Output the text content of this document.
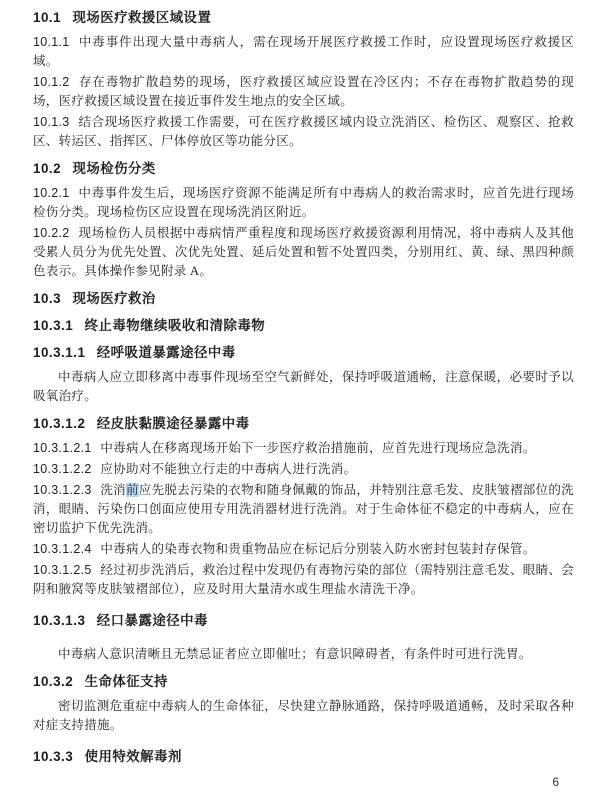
10.1 现场医疗救援区域设置

10.1.1 中毒事件出现大量中毒病人，需在现场开展医疗救援工作时，应设置现场医疗救援区域。

10.1.2 存在毒物扩散趋势的现场，医疗救援区域应设置在冷区内；不存在毒物扩散趋势的现场，医疗救援区域设置在接近事件发生地点的安全区域。

10.1.3 结合现场医疗救援工作需要，可在医疗救援区域内设立洗消区、检伤区、观察区、抢救区、转运区、指挥区、尸体停放区等功能分区。

10.2 现场检伤分类

10.2.1 中毒事件发生后，现场医疗资源不能满足所有中毒病人的救治需求时，应首先进行现场检伤分类。现场检伤区应设置在现场洗消区附近。

10.2.2 现场检伤人员根据中毒病情严重程度和现场医疗救援资源利用情况，将中毒病人及其他受累人员分为优先处置、次优先处置、延后处置和暂不处置四类，分别用红、黄、绿、黑四种颜色表示。具体操作参见附录 A。

10.3 现场医疗救治
10.3.1 终止毒物继续吸收和清除毒物
10.3.1.1 经呼吸道暴露途径中毒

中毒病人应立即移离中毒事件现场至空气新鲜处，保持呼吸道通畅，注意保暖，必要时予以吸氧治疗。

10.3.1.2 经皮肤黏膜途径暴露中毒

10.3.1.2.1 中毒病人在移离现场开始下一步医疗救治措施前，应首先进行现场应急洗消。

10.3.1.2.2 应协助对不能独立行走的中毒病人进行洗消。

10.3.1.2.3 洗消前应先脱去污染的衣物和随身佩戴的饰品，并特别注意毛发、皮肤皱褶部位的洗消，眼睛、污染伤口创面应使用专用洗消器材进行洗消。对于生命体征不稳定的中毒病人，应在密切监护下优先洗消。

10.3.1.2.4 中毒病人的染毒衣物和贵重物品应在标记后分别装入防水密封包装封存保管。

10.3.1.2.5 经过初步洗消后，救治过程中发现仍有毒物污染的部位（需特别注意毛发、眼睛、会阴和腋窝等皮肤皱褶部位），应及时用大量清水或生理盐水清洗干净。

10.3.1.3 经口暴露途径中毒

中毒病人意识清晰且无禁忌证者应立即催吐；有意识障碍者，有条件时可进行洗胃。

10.3.2 生命体征支持

密切监测危重症中毒病人的生命体征，尽快建立静脉通路，保持呼吸道通畅，及时采取各种对症支持措施。

10.3.3 使用特效解毒剂
6
